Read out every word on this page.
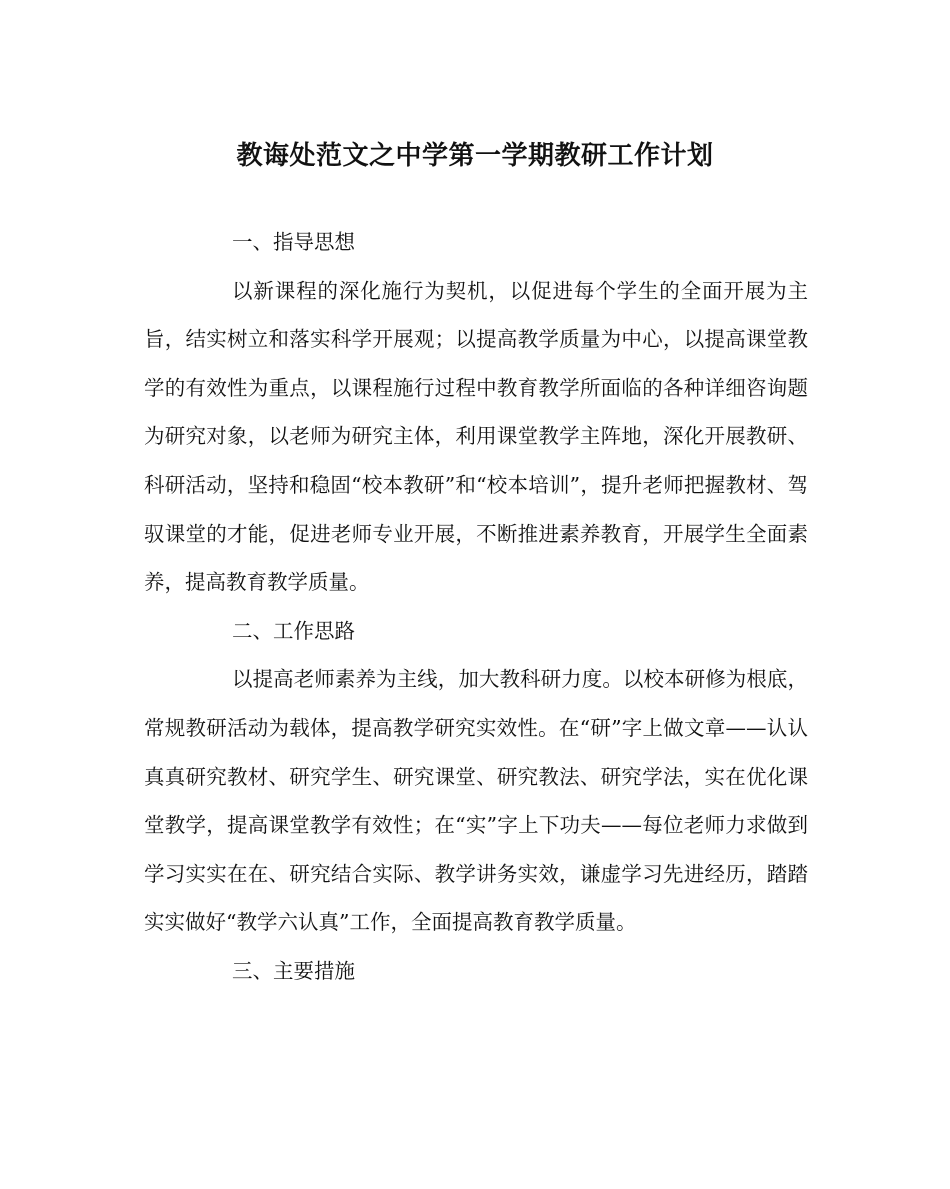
教诲处范文之中学第一学期教研工作计划

一、指导思想

以新课程的深化施行为契机，以促进每个学生的全面开展为主旨，结实树立和落实科学开展观；以提高教学质量为中心，以提高课堂教学的有效性为重点，以课程施行过程中教育教学所面临的各种详细咨询题为研究对象，以老师为研究主体，利用课堂教学主阵地，深化开展教研、科研活动，坚持和稳固“校本教研”和“校本培训”，提升老师把握教材、驾驭课堂的才能，促进老师专业开展，不断推进素养教育，开展学生全面素养，提高教育教学质量。

二、工作思路

以提高老师素养为主线，加大教科研力度。以校本研修为根底，常规教研活动为载体，提高教学研究实效性。在“研”字上做文章——认认真真研究教材、研究学生、研究课堂、研究教法、研究学法，实在优化课堂教学，提高课堂教学有效性；在“实”字上下功夫——每位老师力求做到学习实实在在、研究结合实际、教学讲务实效，谦虚学习先进经历，踏踏实实做好“教学六认真”工作，全面提高教育教学质量。

三、主要措施
